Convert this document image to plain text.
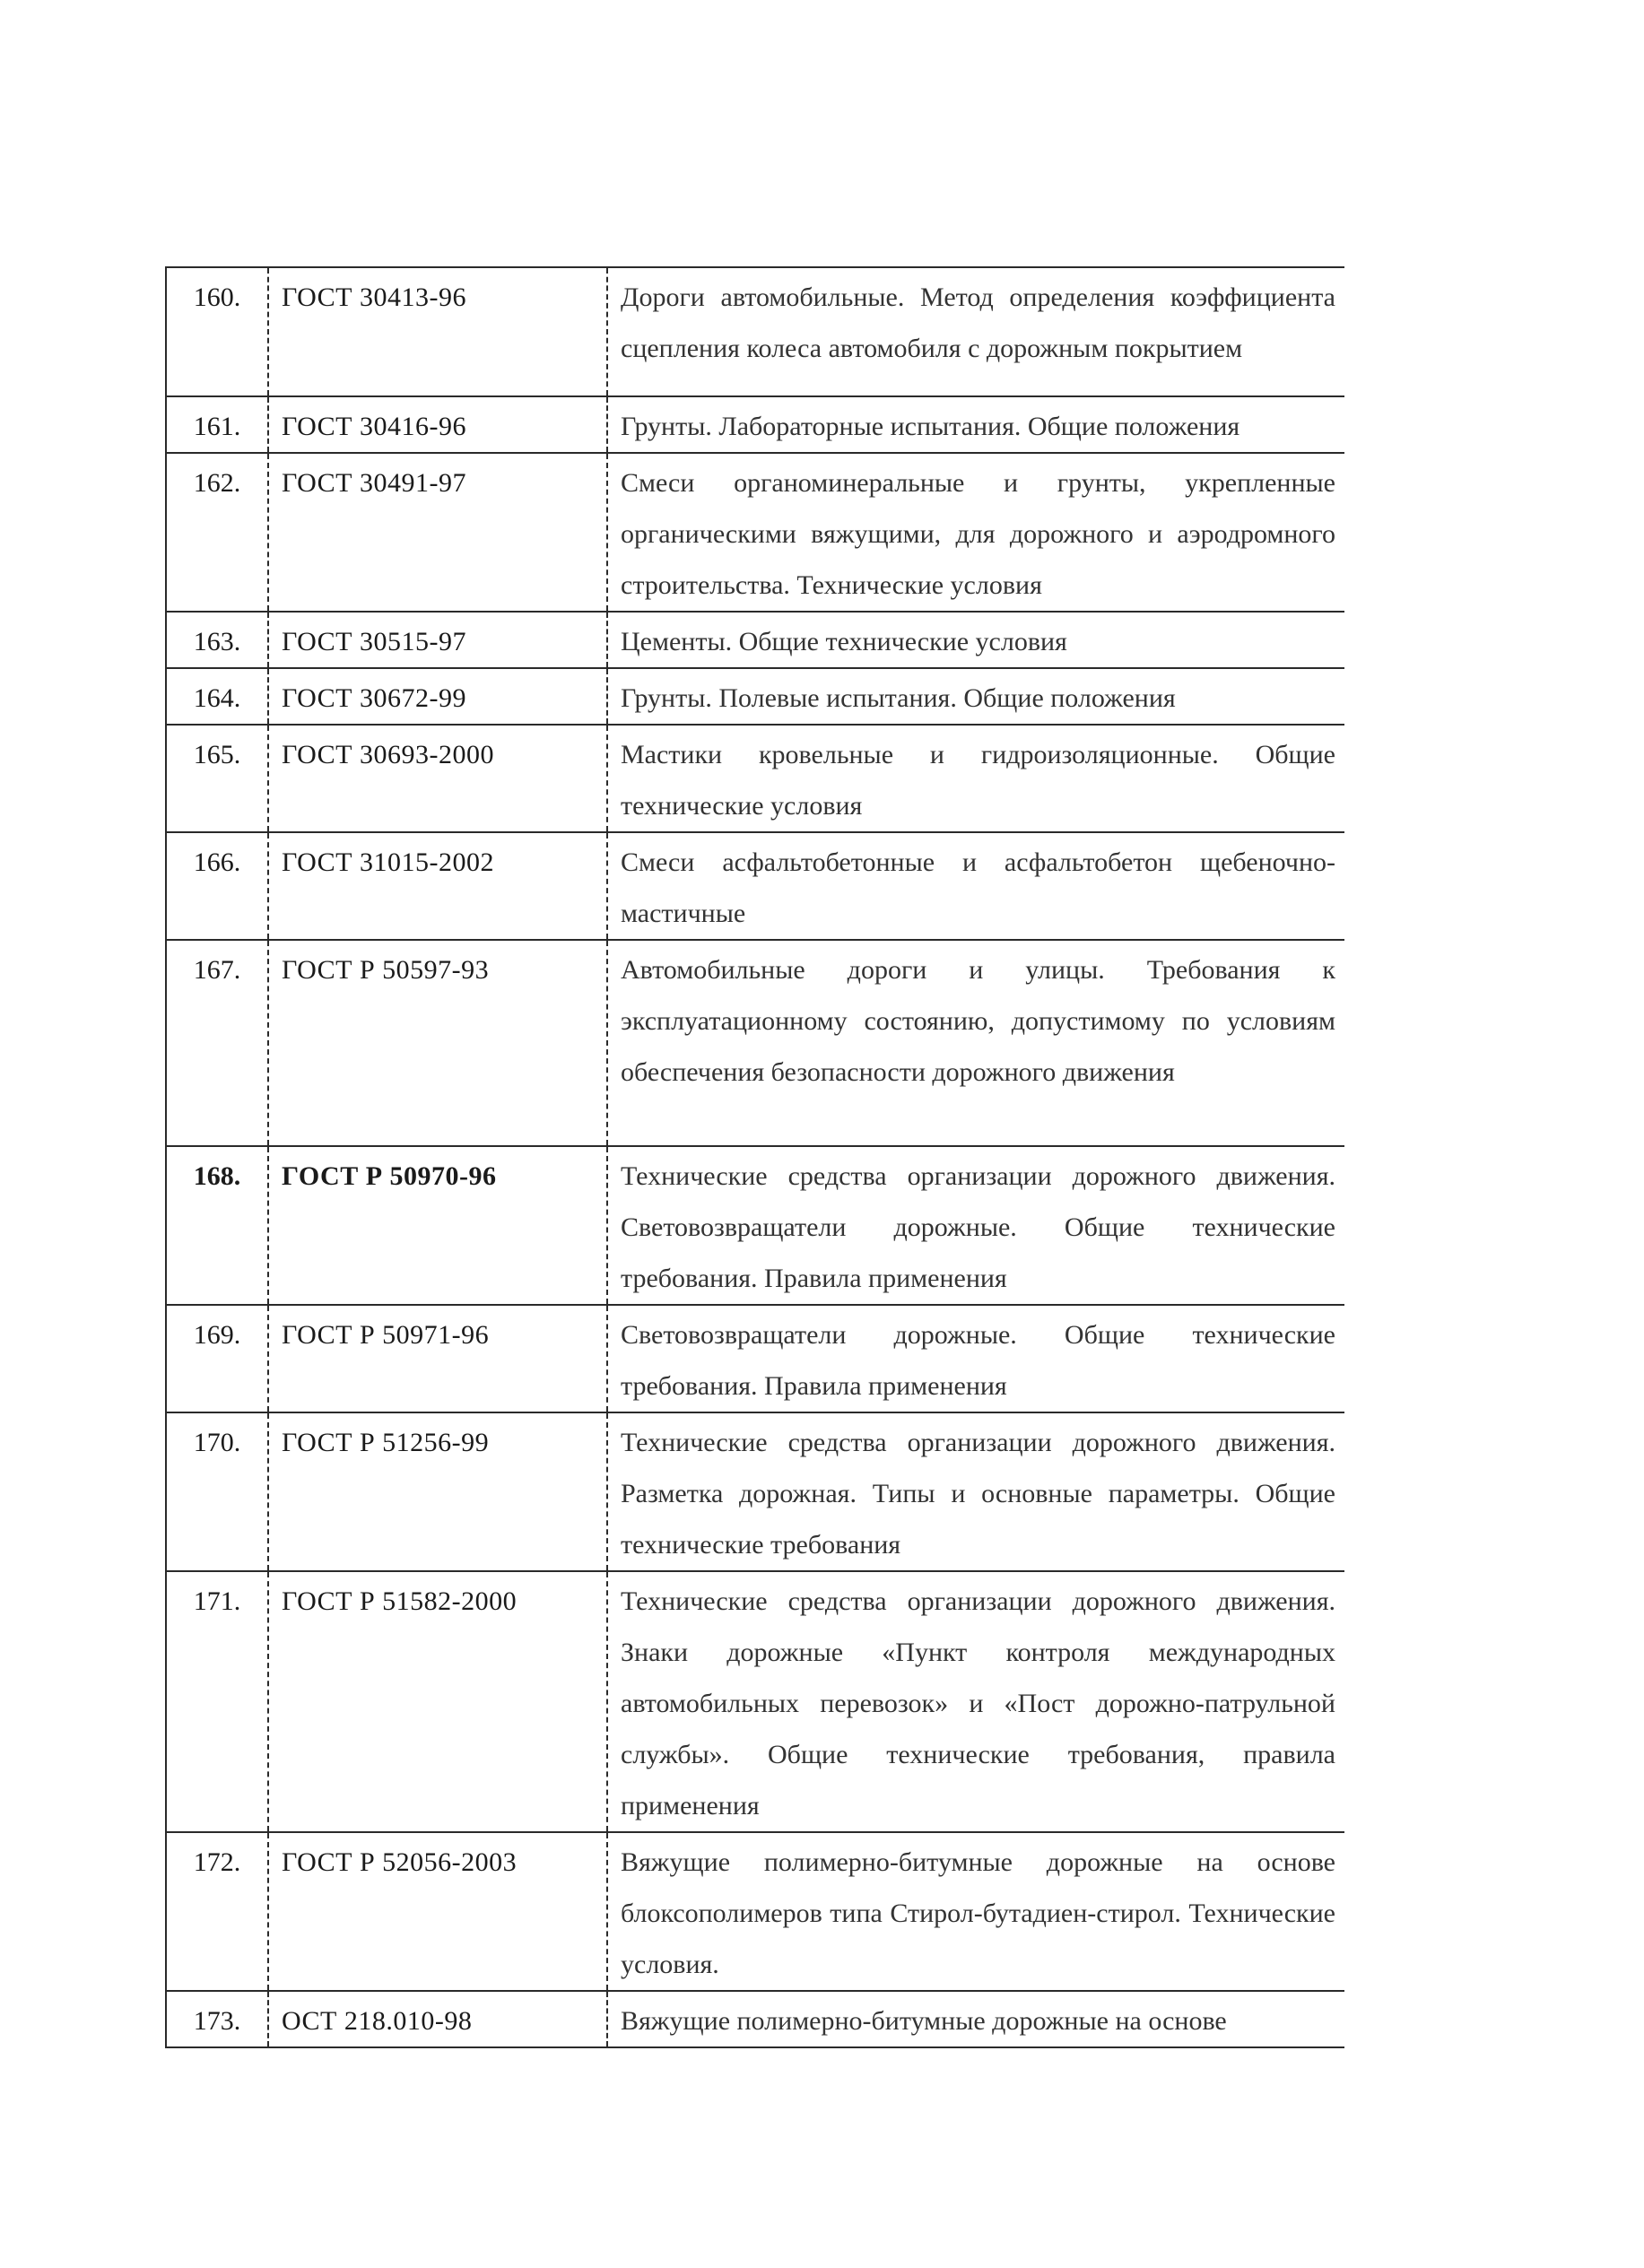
160.	ГОСТ 30413-96	Дороги автомобильные. Метод определения коэффициента сцепления колеса автомобиля с дорожным покрытием
161.	ГОСТ 30416-96	Грунты. Лабораторные испытания. Общие положения
162.	ГОСТ 30491-97	Смеси органоминеральные и грунты, укрепленные органическими вяжущими, для дорожного и аэродромного строительства. Технические условия
163.	ГОСТ 30515-97	Цементы. Общие технические условия
164.	ГОСТ 30672-99	Грунты. Полевые испытания. Общие положения
165.	ГОСТ 30693-2000	Мастики кровельные и гидроизоляционные. Общие технические условия
166.	ГОСТ 31015-2002	Смеси асфальтобетонные и асфальтобетон щебеночно-мастичные
167.	ГОСТ Р 50597-93	Автомобильные дороги и улицы. Требования к эксплуатационному состоянию, допустимому по условиям обеспечения безопасности дорожного движения
168.	ГОСТ Р 50970-96	Технические средства организации дорожного движения. Световозвращатели дорожные. Общие технические требования. Правила применения
169.	ГОСТ Р 50971-96	Световозвращатели дорожные. Общие технические требования. Правила применения
170.	ГОСТ Р 51256-99	Технические средства организации дорожного движения. Разметка дорожная. Типы и основные параметры. Общие технические требования
171.	ГОСТ Р 51582-2000	Технические средства организации дорожного движения. Знаки дорожные «Пункт контроля международных автомобильных перевозок» и «Пост дорожно-патрульной службы». Общие технические требования, правила применения
172.	ГОСТ Р 52056-2003	Вяжущие полимерно-битумные дорожные на основе блоксополимеров типа Стирол-бутадиен-стирол. Технические условия.
173.	ОСТ 218.010-98	Вяжущие полимерно-битумные дорожные на основе
